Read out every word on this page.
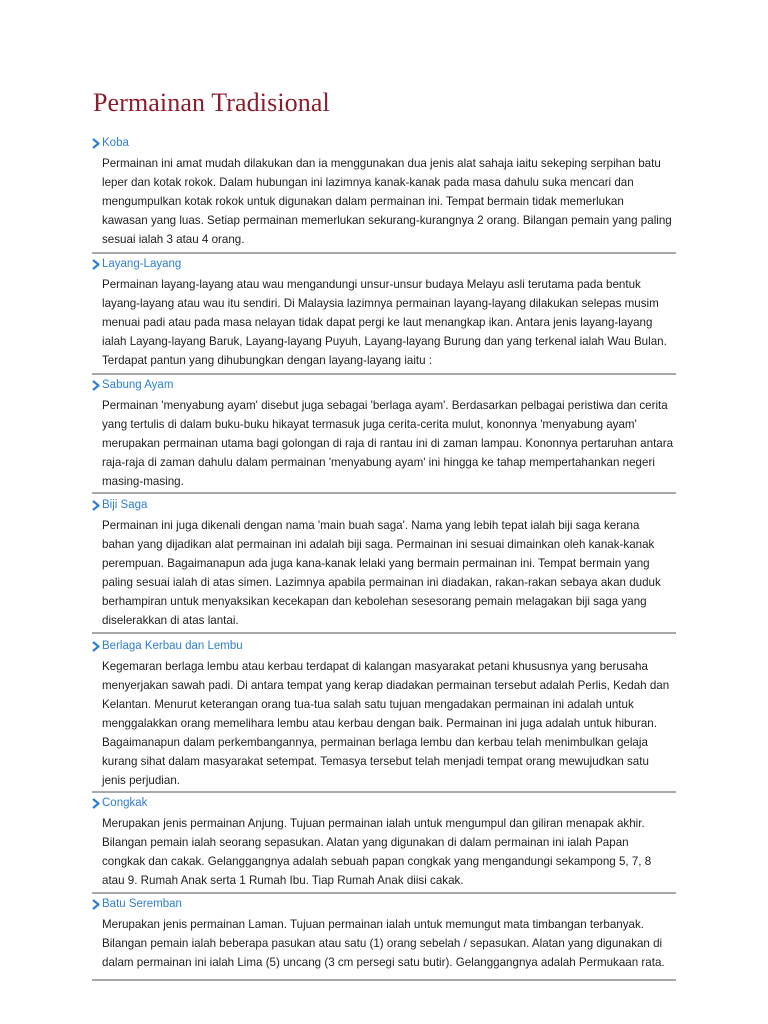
Permainan Tradisional
Koba

Permainan ini amat mudah dilakukan dan ia menggunakan dua jenis alat sahaja iaitu sekeping serpihan batu
leper dan kotak rokok. Dalam hubungan ini lazimnya kanak-kanak pada masa dahulu suka mencari dan
mengumpulkan kotak rokok untuk digunakan dalam permainan ini. Tempat bermain tidak memerlukan
kawasan yang luas. Setiap permainan memerlukan sekurang-kurangnya 2 orang. Bilangan pemain yang paling
sesuai ialah 3 atau 4 orang.

Layang-Layang

Permainan layang-layang atau wau mengandungi unsur-unsur budaya Melayu asli terutama pada bentuk
layang-layang atau wau itu sendiri. Di Malaysia lazimnya permainan layang-layang dilakukan selepas musim
menuai padi atau pada masa nelayan tidak dapat pergi ke laut menangkap ikan. Antara jenis layang-layang
ialah Layang-layang Baruk, Layang-layang Puyuh, Layang-layang Burung dan yang terkenal ialah Wau Bulan.
Terdapat pantun yang dihubungkan dengan layang-layang iaitu :

Sabung Ayam

Permainan 'menyabung ayam' disebut juga sebagai 'berlaga ayam'. Berdasarkan pelbagai peristiwa dan cerita
yang tertulis di dalam buku-buku hikayat termasuk juga cerita-cerita mulut, kononnya 'menyabung ayam'
merupakan permainan utama bagi golongan di raja di rantau ini di zaman lampau. Kononnya pertaruhan antara
raja-raja di zaman dahulu dalam permainan 'menyabung ayam' ini hingga ke tahap mempertahankan negeri
masing-masing.

Biji Saga

Permainan ini juga dikenali dengan nama 'main buah saga'. Nama yang lebih tepat ialah biji saga kerana
bahan yang dijadikan alat permainan ini adalah biji saga. Permainan ini sesuai dimainkan oleh kanak-kanak
perempuan. Bagaimanapun ada juga kana-kanak lelaki yang bermain permainan ini. Tempat bermain yang
paling sesuai ialah di atas simen. Lazimnya apabila permainan ini diadakan, rakan-rakan sebaya akan duduk
berhampiran untuk menyaksikan kecekapan dan kebolehan sesesorang pemain melagakan biji saga yang
diselerakkan di atas lantai.

Berlaga Kerbau dan Lembu

Kegemaran berlaga lembu atau kerbau terdapat di kalangan masyarakat petani khususnya yang berusaha
menyerjakan sawah padi. Di antara tempat yang kerap diadakan permainan tersebut adalah Perlis, Kedah dan
Kelantan. Menurut keterangan orang tua-tua salah satu tujuan mengadakan permainan ini adalah untuk
menggalakkan orang memelihara lembu atau kerbau dengan baik. Permainan ini juga adalah untuk hiburan.
Bagaimanapun dalam perkembangannya, permainan berlaga lembu dan kerbau telah menimbulkan gelaja
kurang sihat dalam masyarakat setempat. Temasya tersebut telah menjadi tempat orang mewujudkan satu
jenis perjudian.

Congkak

Merupakan jenis permainan Anjung. Tujuan permainan ialah untuk mengumpul dan giliran menapak akhir.
Bilangan pemain ialah seorang sepasukan. Alatan yang digunakan di dalam permainan ini ialah Papan
congkak dan cakak. Gelanggangnya adalah sebuah papan congkak yang mengandungi sekampong 5, 7, 8
atau 9. Rumah Anak serta 1 Rumah Ibu. Tiap Rumah Anak diisi cakak.

Batu Seremban

Merupakan jenis permainan Laman. Tujuan permainan ialah untuk memungut mata timbangan terbanyak.
Bilangan pemain ialah beberapa pasukan atau satu (1) orang sebelah / sepasukan. Alatan yang digunakan di
dalam permainan ini ialah Lima (5) uncang (3 cm persegi satu butir). Gelanggangnya adalah Permukaan rata.
